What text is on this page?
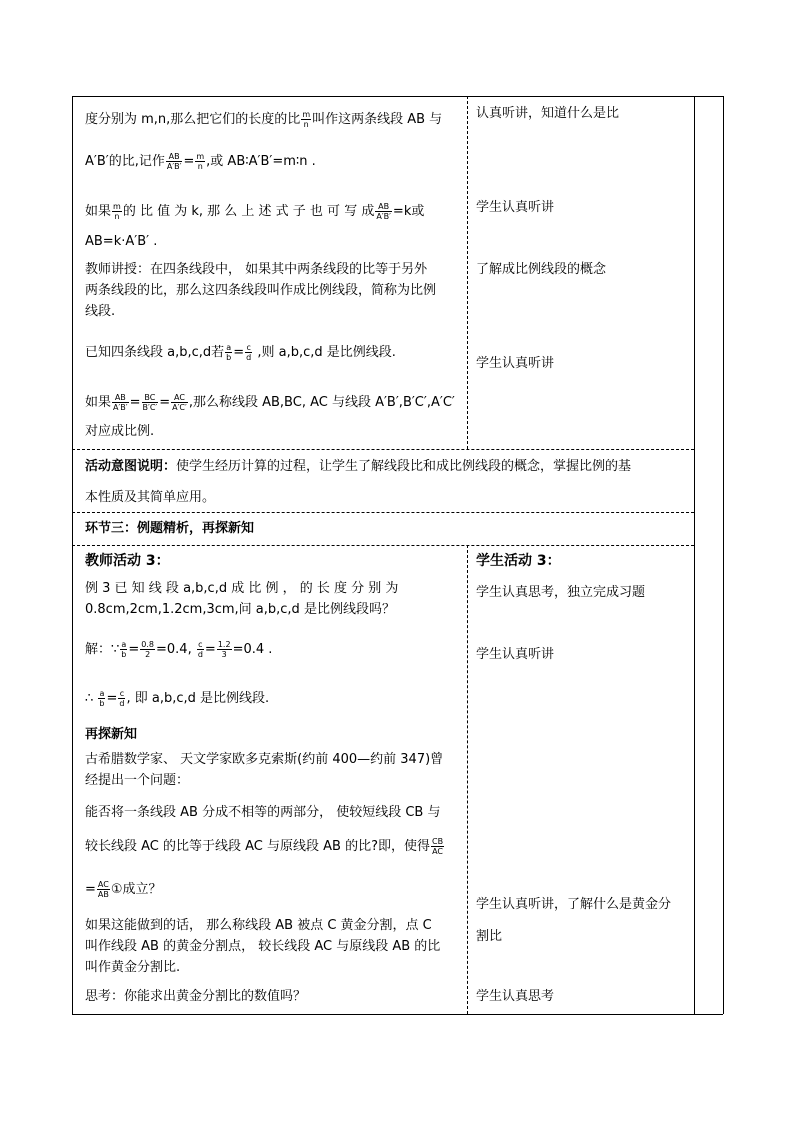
度分别为 m,n,那么把它们的长度的比 $\frac{m}{n}$ 叫作这两条线段 AB 与
A′B′的比,记作 $\frac{AB}{A'B'} = \frac{m}{n}$ ,或 AB∶A′B′=m∶n .
如果 $\frac{m}{n}$ 的 比 值 为 k, 那 么 上 述 式 子 也 可 写 成 $\frac{AB}{A'B'} =k$或
AB=k·A′B′ .
教师讲授：在四条线段中， 如果其中两条线段的比等于另外
两条线段的比，那么这四条线段叫作成比例线段，简称为比例
线段.
已知四条线段 a,b,c,d若 $\frac{a}{b} = \frac{c}{d}$ ,则 a,b,c,d 是比例线段.
如果 $\frac{AB}{A'B'} = \frac{BC}{B'C'} = \frac{AC}{A'C'}$ ,那么称线段 AB,BC, AC 与线段 A′B′,B′C′,A′C′
对应成比例.
认真听讲，知道什么是比
学生认真听讲
了解成比例线段的概念
学生认真听讲
活动意图说明：使学生经历计算的过程，让学生了解线段比和成比例线段的概念，掌握比例的基
本性质及其简单应用。
环节三：例题精析，再探新知
教师活动 3：
例 3 已 知 线 段 a,b,c,d 成 比 例 ， 的 长 度 分 别 为
0.8cm,2cm,1.2cm,3cm,问 a,b,c,d 是比例线段吗？
解：∵ $\frac{a}{b} = \frac{0.8}{2} =0.4$, $\frac{c}{d} = \frac{1.2}{3} =0.4$ .
∴ $\frac{a}{b} = \frac{c}{d}$ , 即 a,b,c,d 是比例线段.
再探新知
古希腊数学家、 天文学家欧多克索斯(约前 400—约前 347)曾
经提出一个问题：
能否将一条线段 AB 分成不相等的两部分， 使较短线段 CB 与
较长线段 AC 的比等于线段 AC 与原线段 AB 的比?即，使得 $\frac{CB}{AC}$
= $\frac{AC}{AB}$ ①成立？
如果这能做到的话， 那么称线段 AB 被点 C 黄金分割，点 C
叫作线段 AB 的黄金分割点， 较长线段 AC 与原线段 AB 的比
叫作黄金分割比.
思考：你能求出黄金分割比的数值吗？
学生活动 3：
学生认真思考，独立完成习题
学生认真听讲
学生认真听讲，了解什么是黄金分
割比
学生认真思考
